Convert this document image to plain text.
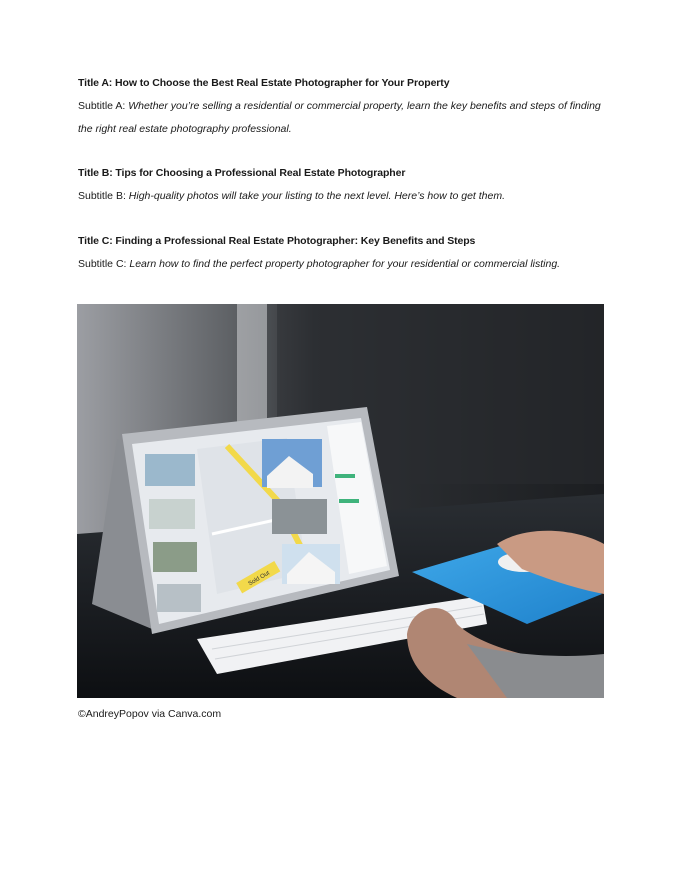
Title A: How to Choose the Best Real Estate Photographer for Your Property
Subtitle A: Whether you’re selling a residential or commercial property, learn the key benefits and steps of finding the right real estate photography professional.
Title B: Tips for Choosing a Professional Real Estate Photographer
Subtitle B: High-quality photos will take your listing to the next level. Here’s how to get them.
Title C: Finding a Professional Real Estate Photographer: Key Benefits and Steps
Subtitle C: Learn how to find the perfect property photographer for your residential or commercial listing.
Sold Out
©AndreyPopov via Canva.com
